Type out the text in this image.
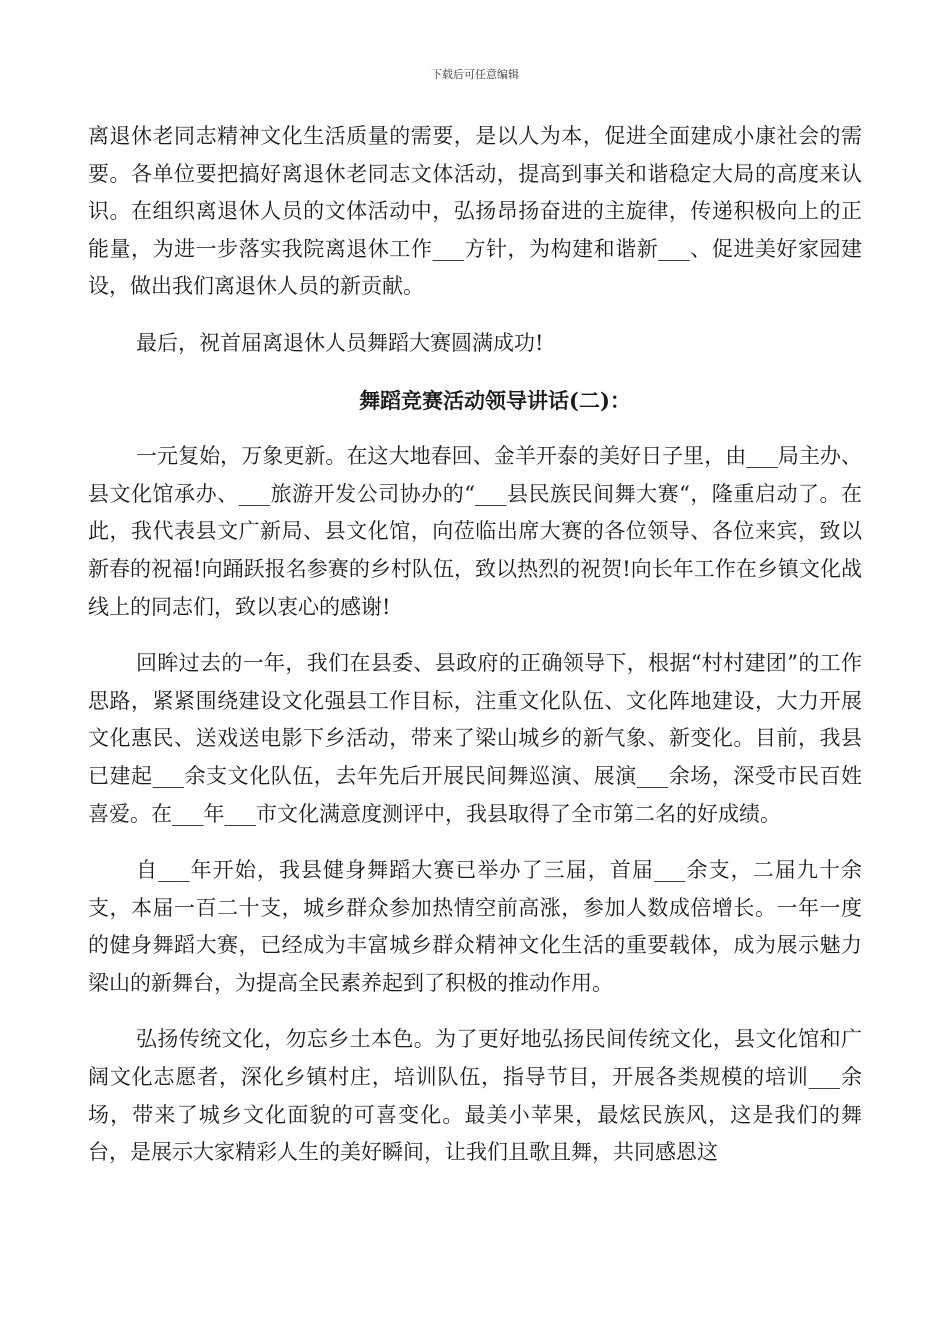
下载后可任意编辑

离退休老同志精神文化生活质量的需要，是以人为本，促进全面建成小康社会的需要。各单位要把搞好离退休老同志文体活动，提高到事关和谐稳定大局的高度来认识。在组织离退休人员的文体活动中，弘扬昂扬奋进的主旋律，传递积极向上的正能量，为进一步落实我院离退休工作___方针，为构建和谐新___、促进美好家园建设，做出我们离退休人员的新贡献。

最后，祝首届离退休人员舞蹈大赛圆满成功!

舞蹈竞赛活动领导讲话(二)：

一元复始，万象更新。在这大地春回、金羊开泰的美好日子里，由___局主办、县文化馆承办、___旅游开发公司协办的“___县民族民间舞大赛“，隆重启动了。在此，我代表县文广新局、县文化馆，向莅临出席大赛的各位领导、各位来宾，致以新春的祝福!向踊跃报名参赛的乡村队伍，致以热烈的祝贺!向长年工作在乡镇文化战线上的同志们，致以衷心的感谢!

回眸过去的一年，我们在县委、县政府的正确领导下，根据“村村建团”的工作思路，紧紧围绕建设文化强县工作目标，注重文化队伍、文化阵地建设，大力开展文化惠民、送戏送电影下乡活动，带来了梁山城乡的新气象、新变化。目前，我县已建起___余支文化队伍，去年先后开展民间舞巡演、展演___余场，深受市民百姓喜爱。在___年___市文化满意度测评中，我县取得了全市第二名的好成绩。

自___年开始，我县健身舞蹈大赛已举办了三届，首届___余支，二届九十余支，本届一百二十支，城乡群众参加热情空前高涨，参加人数成倍增长。一年一度的健身舞蹈大赛，已经成为丰富城乡群众精神文化生活的重要载体，成为展示魅力梁山的新舞台，为提高全民素养起到了积极的推动作用。

弘扬传统文化，勿忘乡土本色。为了更好地弘扬民间传统文化，县文化馆和广阔文化志愿者，深化乡镇村庄，培训队伍，指导节目，开展各类规模的培训___余场，带来了城乡文化面貌的可喜变化。最美小苹果，最炫民族风，这是我们的舞台，是展示大家精彩人生的美好瞬间，让我们且歌且舞，共同感恩这
